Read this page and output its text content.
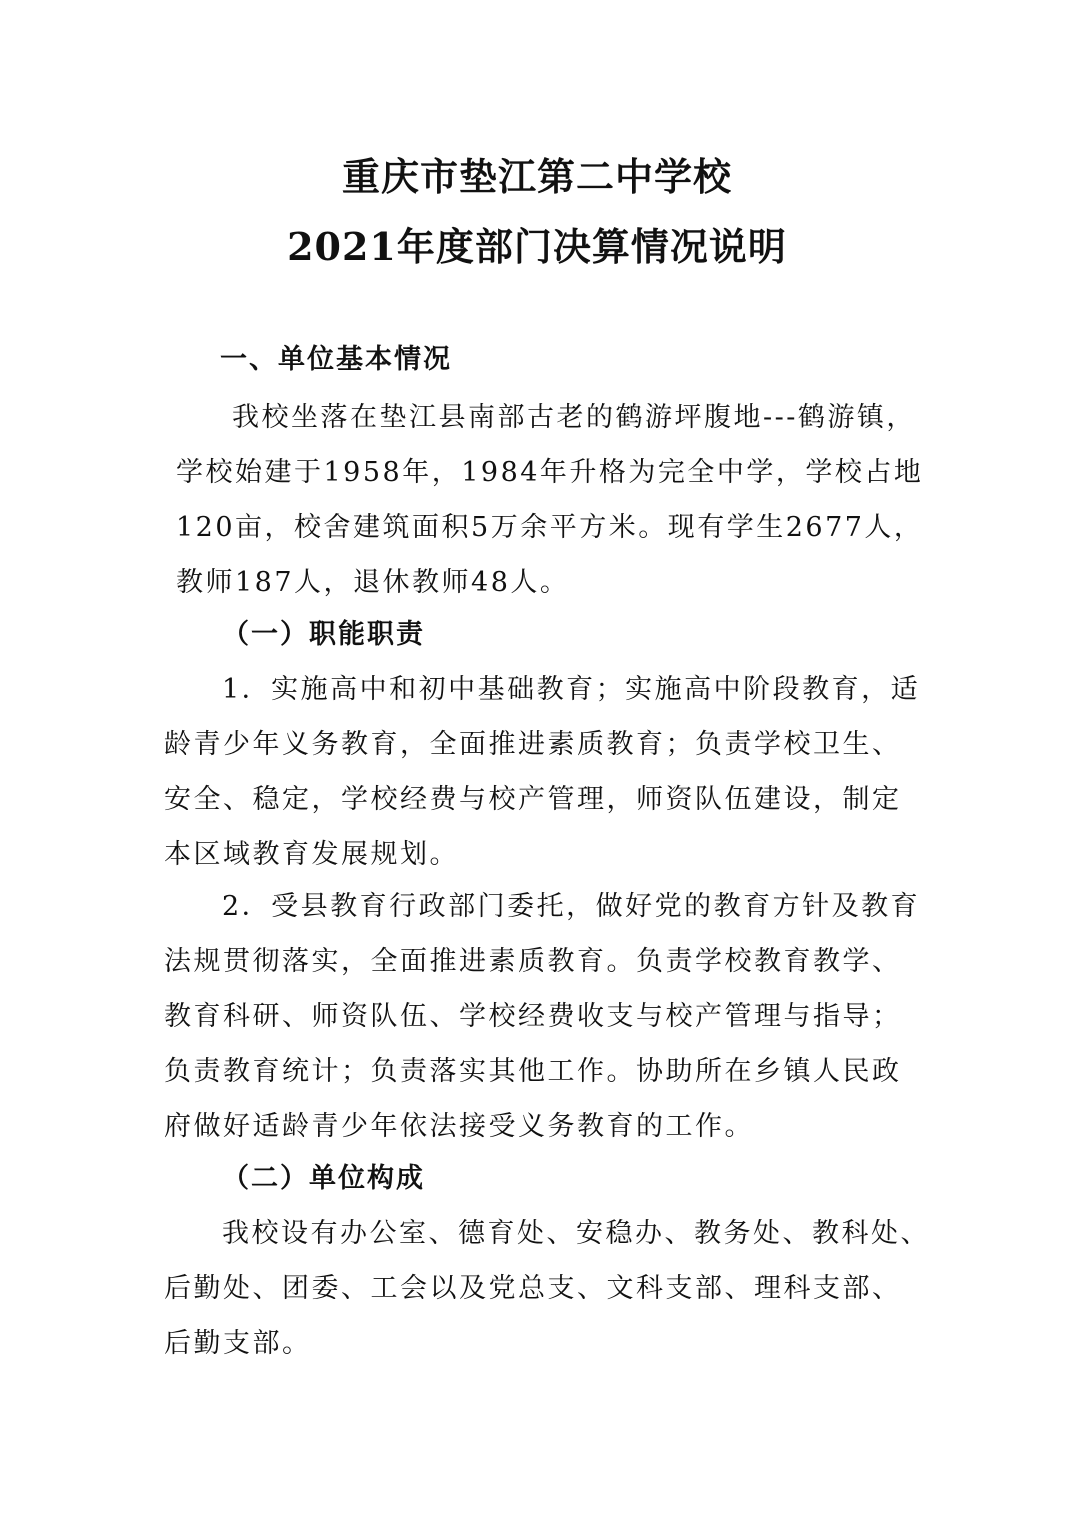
重庆市垫江第二中学校
2021年度部门决算情况说明
一、单位基本情况
我校坐落在垫江县南部古老的鹤游坪腹地---鹤游镇，
学校始建于1958年，1984年升格为完全中学，学校占地
120亩，校舍建筑面积5万余平方米。现有学生2677人，
教师187人，退休教师48人。
（一）职能职责
1．实施高中和初中基础教育；实施高中阶段教育，适
龄青少年义务教育，全面推进素质教育；负责学校卫生、
安全、稳定，学校经费与校产管理，师资队伍建设，制定
本区域教育发展规划。
2．受县教育行政部门委托，做好党的教育方针及教育
法规贯彻落实，全面推进素质教育。负责学校教育教学、
教育科研、师资队伍、学校经费收支与校产管理与指导；
负责教育统计；负责落实其他工作。协助所在乡镇人民政
府做好适龄青少年依法接受义务教育的工作。
（二）单位构成
我校设有办公室、德育处、安稳办、教务处、教科处、
后勤处、团委、工会以及党总支、文科支部、理科支部、
后勤支部。
